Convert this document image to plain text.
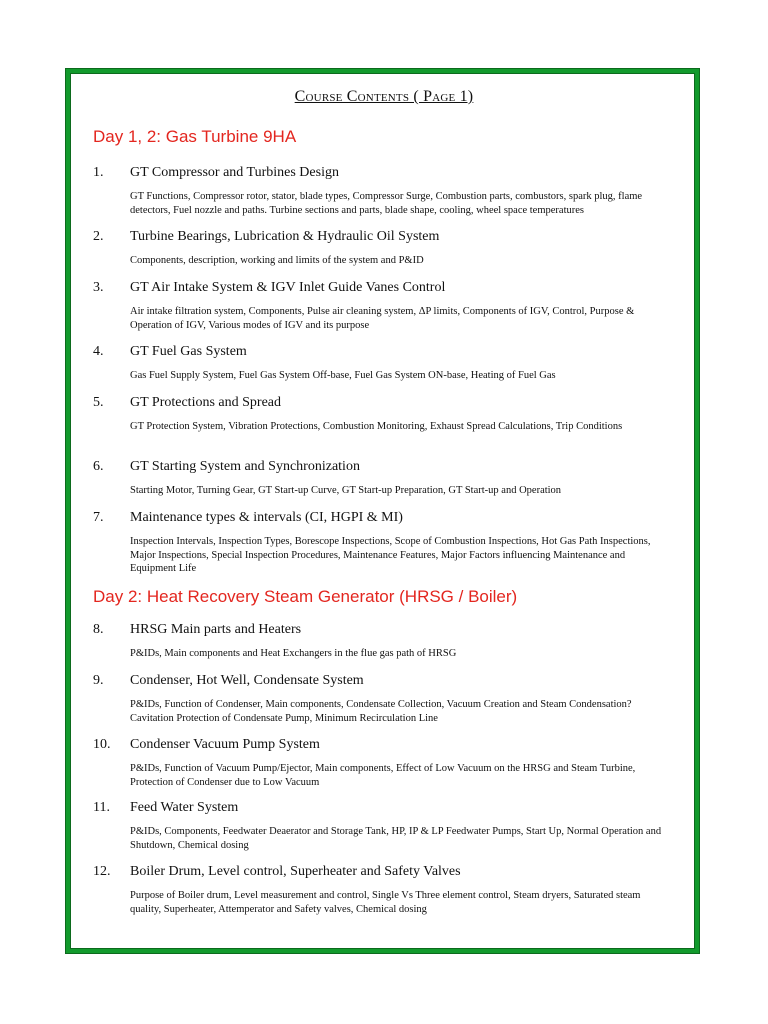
Course Contents ( Page 1)
Day 1, 2: Gas Turbine 9HA
1. GT Compressor and Turbines Design
GT Functions, Compressor rotor, stator, blade types, Compressor Surge, Combustion parts, combustors, spark plug, flame detectors, Fuel nozzle and paths. Turbine sections and parts, blade shape, cooling, wheel space temperatures
2. Turbine Bearings, Lubrication & Hydraulic Oil System
Components, description, working and limits of the system and P&ID
3. GT Air Intake System & IGV Inlet Guide Vanes Control
Air intake filtration system, Components, Pulse air cleaning system, ΔP limits, Components of IGV, Control, Purpose & Operation of IGV, Various modes of IGV and its purpose
4. GT Fuel Gas System
Gas Fuel Supply System, Fuel Gas System Off-base, Fuel Gas System ON-base, Heating of Fuel Gas
5. GT Protections and Spread
GT Protection System, Vibration Protections, Combustion Monitoring, Exhaust Spread Calculations, Trip Conditions
6. GT Starting System and Synchronization
Starting Motor, Turning Gear, GT Start-up Curve, GT Start-up Preparation, GT Start-up and Operation
7. Maintenance types & intervals (CI, HGPI & MI)
Inspection Intervals, Inspection Types, Borescope Inspections, Scope of Combustion Inspections, Hot Gas Path Inspections, Major Inspections, Special Inspection Procedures, Maintenance Features, Major Factors influencing Maintenance and Equipment Life
Day 2: Heat Recovery Steam Generator (HRSG / Boiler)
8. HRSG Main parts and Heaters
P&IDs, Main components and Heat Exchangers in the flue gas path of HRSG
9. Condenser, Hot Well, Condensate System
P&IDs, Function of Condenser, Main components, Condensate Collection, Vacuum Creation and Steam Condensation? Cavitation Protection of Condensate Pump, Minimum Recirculation Line
10. Condenser Vacuum Pump System
P&IDs, Function of Vacuum Pump/Ejector, Main components, Effect of Low Vacuum on the HRSG and Steam Turbine, Protection of Condenser due to Low Vacuum
11. Feed Water System
P&IDs, Components, Feedwater Deaerator and Storage Tank, HP, IP & LP Feedwater Pumps, Start Up, Normal Operation and Shutdown, Chemical dosing
12. Boiler Drum, Level control, Superheater and Safety Valves
Purpose of Boiler drum, Level measurement and control, Single Vs Three element control, Steam dryers, Saturated steam quality, Superheater, Attemperator and Safety valves, Chemical dosing
